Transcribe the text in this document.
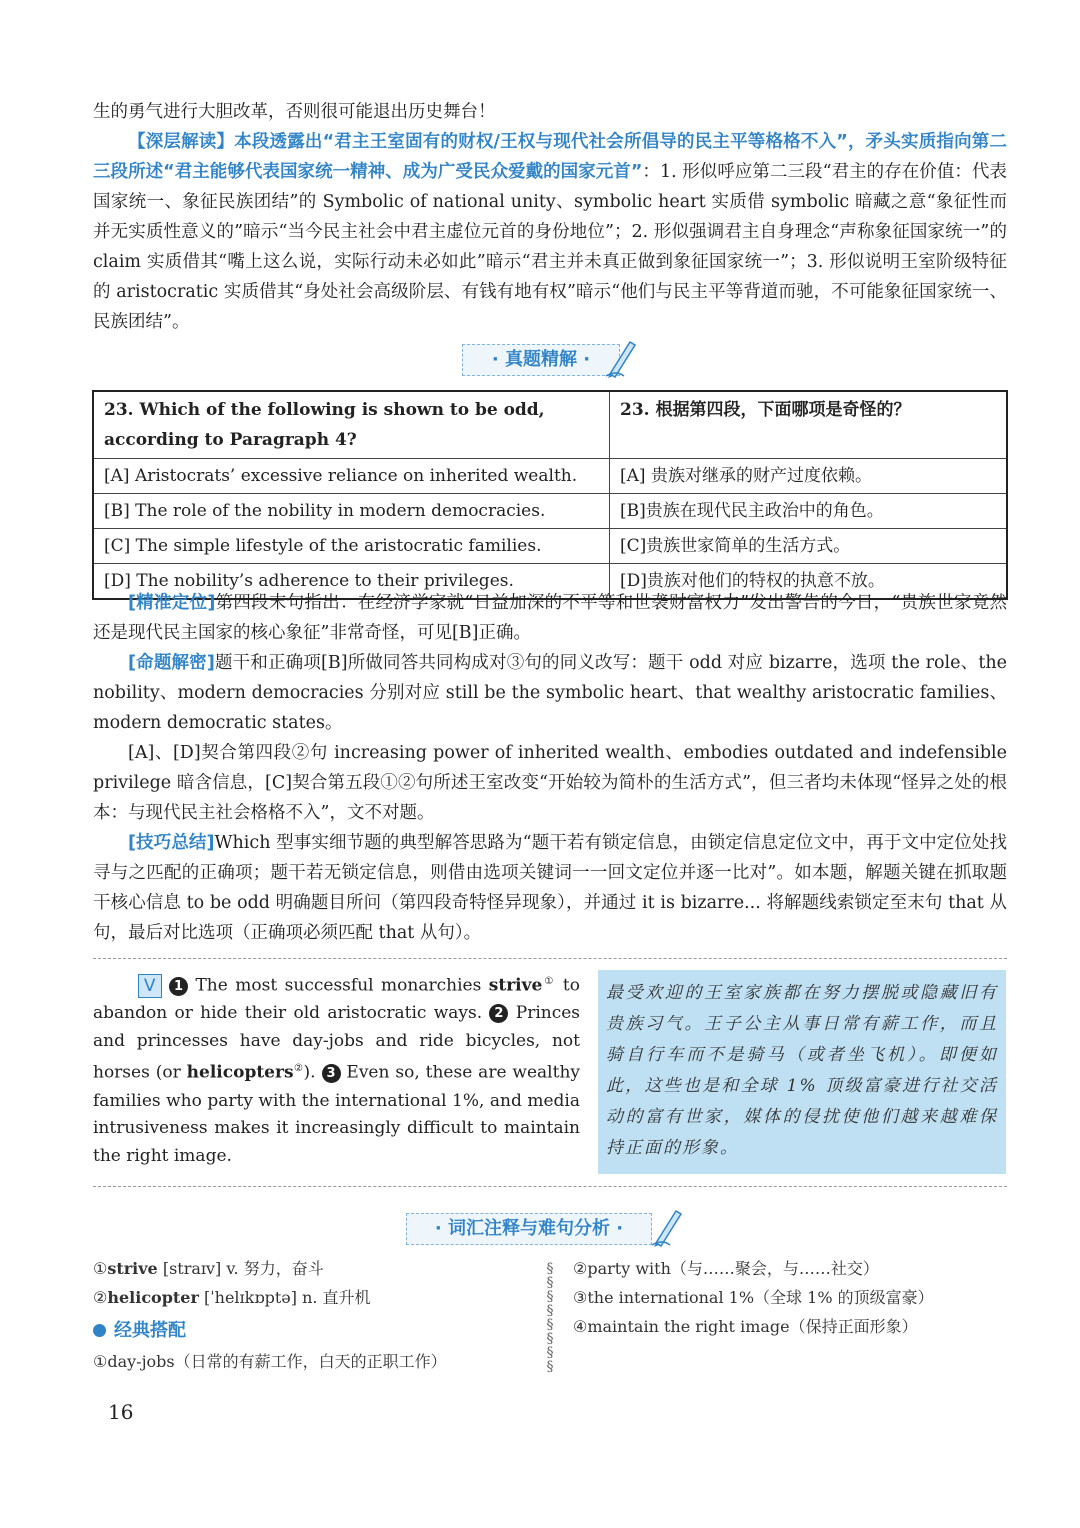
生的勇气进行大胆改革，否则很可能退出历史舞台！

【深层解读】本段透露出“君主王室固有的财权/王权与现代社会所倡导的民主平等格格不入”，矛头实质指向第二三段所述“君主能够代表国家统一精神、成为广受民众爱戴的国家元首”：1. 形似呼应第二三段“君主的存在价值：代表国家统一、象征民族团结”的 Symbolic of national unity、symbolic heart 实质借 symbolic 暗藏之意“象征性而并无实质性意义的”暗示“当今民主社会中君主虚位元首的身份地位”；2. 形似强调君主自身理念“声称象征国家统一”的 claim 实质借其“嘴上这么说，实际行动未必如此”暗示“君主并未真正做到象征国家统一”；3. 形似说明王室阶级特征的 aristocratic 实质借其“身处社会高级阶层、有钱有地有权”暗示“他们与民主平等背道而驰，不可能象征国家统一、民族团结”。

· 真题精解 ·
23. Which of the following is shown to be odd, according to Paragraph 4?	23. 根据第四段，下面哪项是奇怪的？
[A] Aristocrats’ excessive reliance on inherited wealth.	[A] 贵族对继承的财产过度依赖。
[B] The role of the nobility in modern democracies.	[B]贵族在现代民主政治中的角色。
[C] The simple lifestyle of the aristocratic families.	[C]贵族世家简单的生活方式。
[D] The nobility’s adherence to their privileges.	[D]贵族对他们的特权的执意不放。

[精准定位]第四段末句指出：在经济学家就“日益加深的不平等和世袭财富权力”发出警告的今日，“贵族世家竟然还是现代民主国家的核心象征”非常奇怪，可见[B]正确。

[命题解密]题干和正确项[B]所做同答共同构成对③句的同义改写：题干 odd 对应 bizarre，选项 the role、the nobility、modern democracies 分别对应 still be the symbolic heart、that wealthy aristocratic families、modern democratic states。

[A]、[D]契合第四段②句 increasing power of inherited wealth、embodies outdated and indefensible privilege 暗含信息，[C]契合第五段①②句所述王室改变“开始较为简朴的生活方式”，但三者均未体现“怪异之处的根本：与现代民主社会格格不入”，文不对题。

[技巧总结]Which 型事实细节题的典型解答思路为“题干若有锁定信息，由锁定信息定位文中，再于文中定位处找寻与之匹配的正确项；题干若无锁定信息，则借由选项关键词一一回文定位并逐一比对”。如本题，解题关键在抓取题干核心信息 to be odd 明确题目所问（第四段奇特怪异现象），并通过 it is bizarre... 将解题线索锁定至末句 that 从句，最后对比选项（正确项必须匹配 that 从句）。

V 1 The most successful monarchies strive① to abandon or hide their old aristocratic ways. 2 Princes and princesses have day-jobs and ride bicycles, not horses (or helicopters②). 3 Even so, these are wealthy families who party with the international 1%, and media intrusiveness makes it increasingly difficult to maintain the right image.

最受欢迎的王室家族都在努力摆脱或隐藏旧有贵族习气。王子公主从事日常有薪工作，而且骑自行车而不是骑马（或者坐飞机）。即便如此，这些也是和全球 1% 顶级富豪进行社交活动的富有世家，媒体的侵扰使他们越来越难保持正面的形象。
· 词汇注释与难句分析 ·
①strive [straɪv] v. 努力，奋斗
②helicopter [ˈhelɪkɒptə] n. 直升机
经典搭配
①day-jobs（日常的有薪工作，白天的正职工作）
§
§
§
§
§
§
§
§
②party with（与……聚会，与……社交）
③the international 1%（全球 1% 的顶级富豪）
④maintain the right image（保持正面形象）
16
